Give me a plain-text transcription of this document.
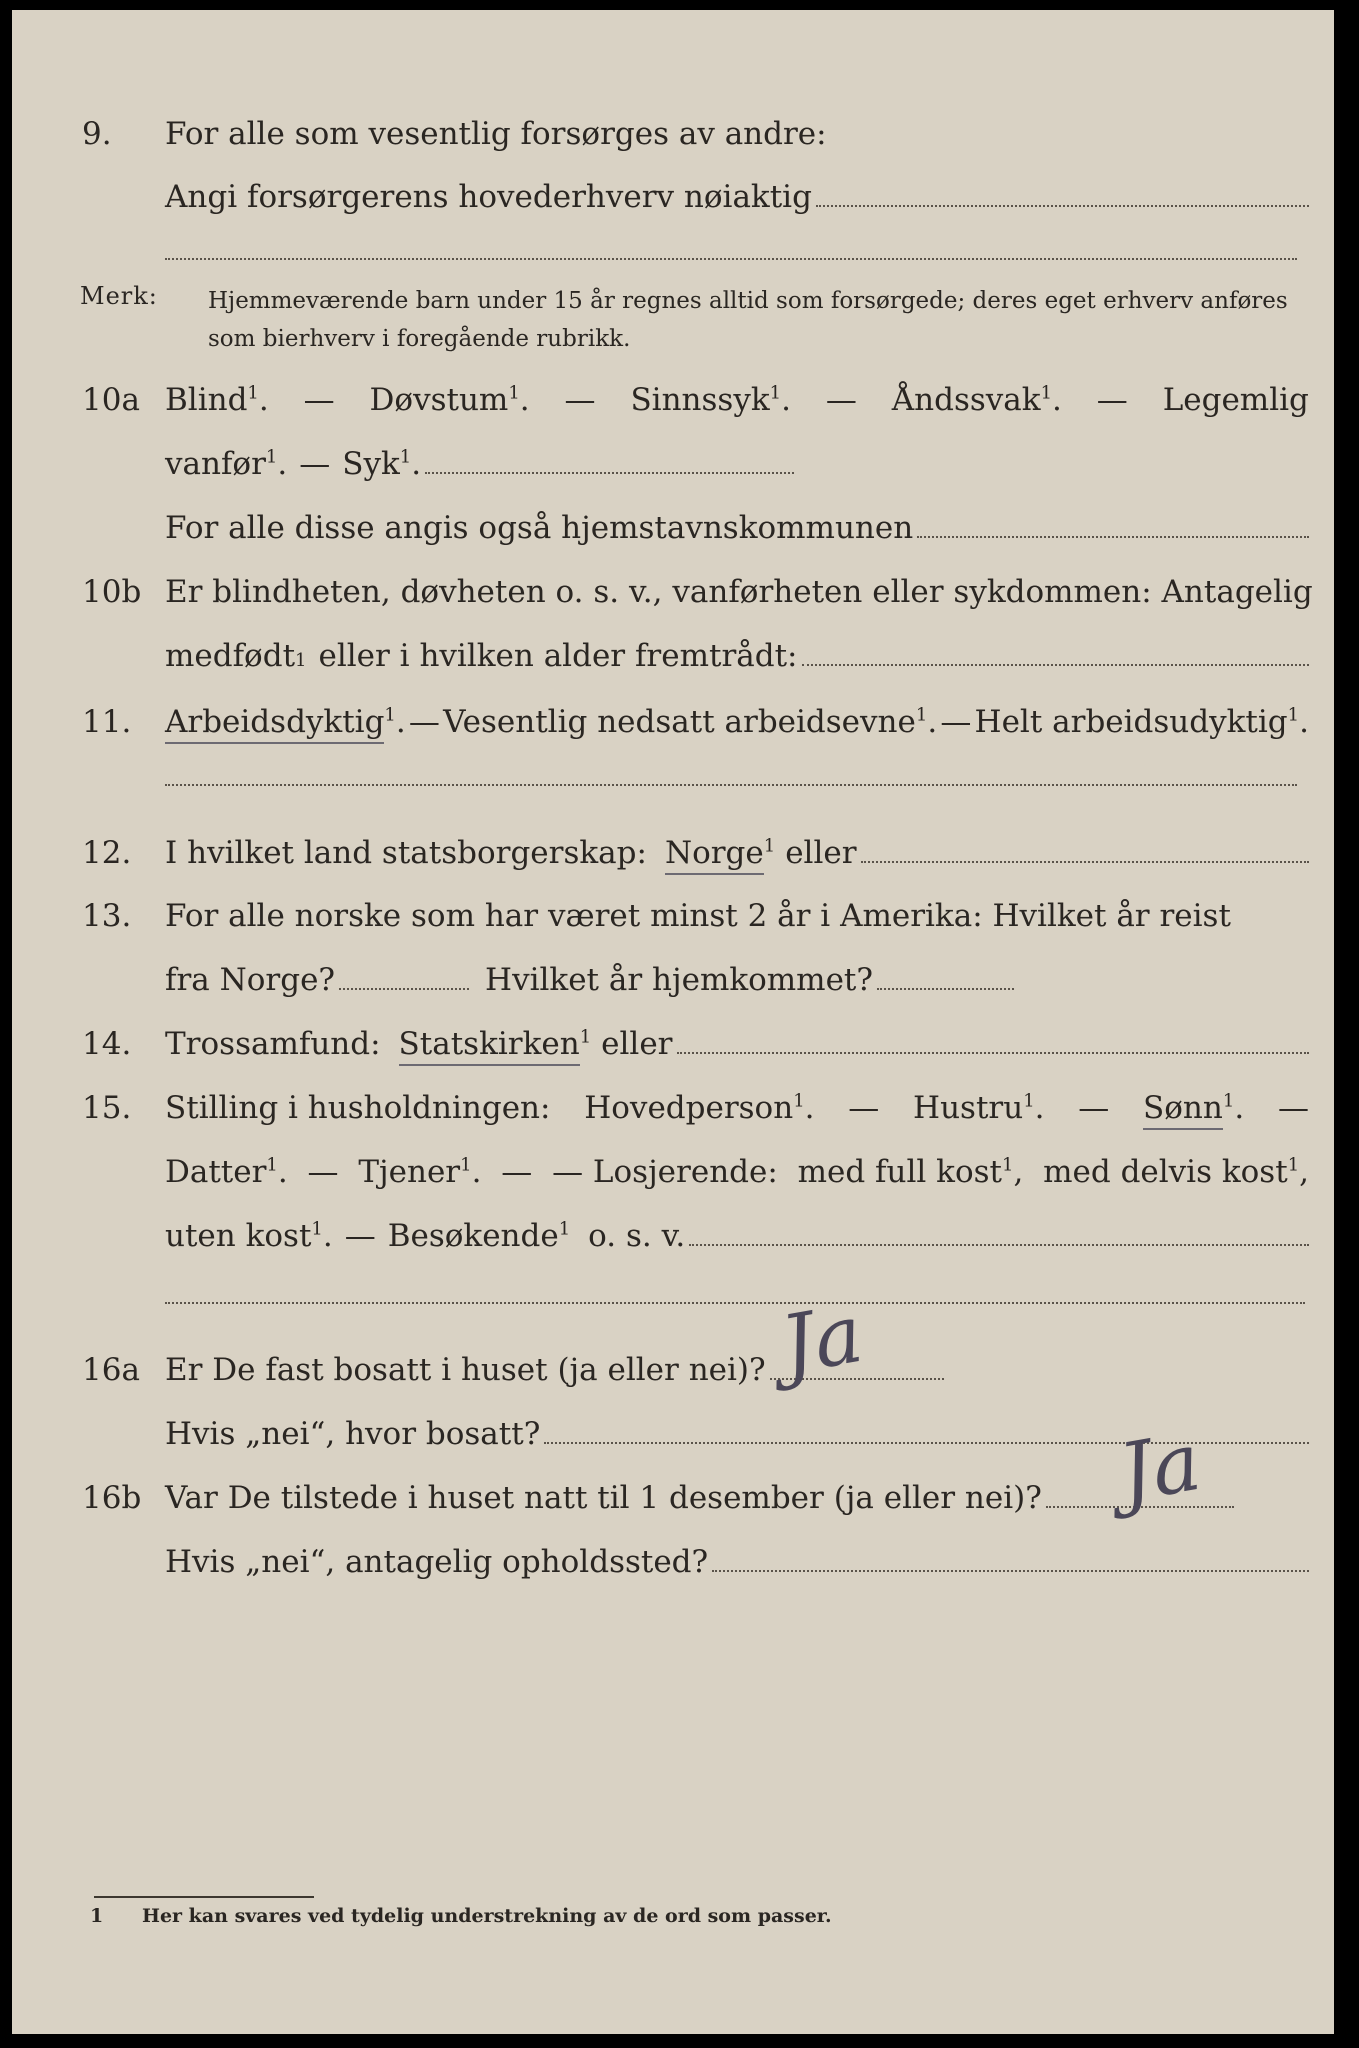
9. For alle som vesentlig forsørges av andre:
Angi forsørgerens hovederhverv nøiaktig
Merk: Hjemmeværende barn under 15 år regnes alltid som forsørgede; deres eget erhverv anføres som bierhverv i foregående rubrikk.
10a Blind$^1$. — Døvstum$^1$. — Sinnssyk$^1$. — Åndssvak$^1$. — Legemlig
vanfør$^1$. — Syk$^1$.
For alle disse angis også hjemstavnskommunen
10b Er blindheten, døvheten o. s. v., vanførheten eller sykdommen: Antagelig
medfødt 1 eller i hvilken alder fremtrådt:
11. Arbeidsdyktig$^1$. — Vesentlig nedsatt arbeidsevne$^1$. — Helt arbeidsudyktig$^1$.
12. I hvilket land statsborgerskap: Norge$^1$ eller
13. For alle norske som har været minst 2 år i Amerika: Hvilket år reist
fra Norge?	Hvilket år hjemkommet?
14. Trossamfund: Statskirken$^1$ eller
15. Stilling i husholdningen: Hovedperson$^1$. — Hustru$^1$. — Sønn$^1$. —
Datter$^1$. — Tjener$^1$. — — Losjerende: med full kost$^1$, med delvis kost$^1$,
uten kost$^1$. — Besøkende$^1$ o. s. v.
16a Er De fast bosatt i huset (ja eller nei)?
Hvis „nei“, hvor bosatt?
16b Var De tilstede i huset natt til 1 desember (ja eller nei)?
Hvis „nei“, antagelig opholdssted?
Ja
Ja
1 Her kan svares ved tydelig understrekning av de ord som passer.
